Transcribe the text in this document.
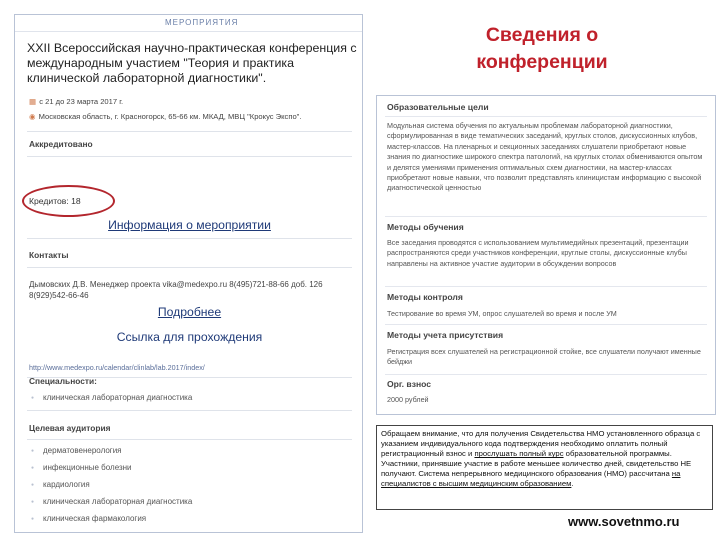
МЕРОПРИЯТИЯ
XXII Всероссийская научно-практическая конференция с международным участием "Теория и практика клинической лабораторной диагностики".
▦ с 21 до 23 марта 2017 г.
◉ Московская область, г. Красногорск, 65-66 км. МКАД, МВЦ "Крокус Экспо".
Аккредитовано
Кредитов: 18
Информация о мероприятии
Контакты
Дымовских Д.В. Менеджер проекта vika@medexpo.ru 8(495)721-88-66 доб. 126 8(929)542-66-46
Подробнее
Ссылка для прохождения
http://www.medexpo.ru/calendar/clinlab/lab.2017/index/
Специальности:
● клиническая лабораторная диагностика
Целевая аудитория
● дерматовенерология
● инфекционные болезни
● кардиология
● клиническая лабораторная диагностика
● клиническая фармакология
Сведения о
конференции
Образовательные цели
Модульная система обучения по актуальным проблемам лабораторной диагностики, сформулированная в виде тематических заседаний, круглых столов, дискуссионных клубов, мастер-классов. На пленарных и секционных заседаниях слушатели приобретают новые знания по диагностике широкого спектра патологий, на круглых столах обмениваются опытом и делятся умениями применения оптимальных схем диагностики, на мастер-классах приобретают новые навыки, что позволит представлять клиницистам информацию с высокой диагностической ценностью
Методы обучения
Все заседания проводятся с использованием мультимедийных презентаций, презентации распространяются среди участников конференции, круглые столы, дискуссионные клубы направлены на активное участие аудитории в обсуждении вопросов
Методы контроля
Тестирование во время УМ, опрос слушателей во время и после УМ
Методы учета присутствия
Регистрация всех слушателей на регистрационной стойке, все слушатели получают именные бейджи
Орг. взнос
2000 рублей
Обращаем внимание, что для получения Свидетельства НМО установленного образца с указанием индивидуального кода подтверждения необходимо оплатить полный регистрационный взнос и прослушать полный курс образовательной программы. Участники, принявшие участие в работе меньшее количество дней, свидетельство НЕ получают. Система непрерывного медицинского образования (НМО) рассчитана на специалистов с высшим медицинским образованием.
www.sovetnmo.ru
